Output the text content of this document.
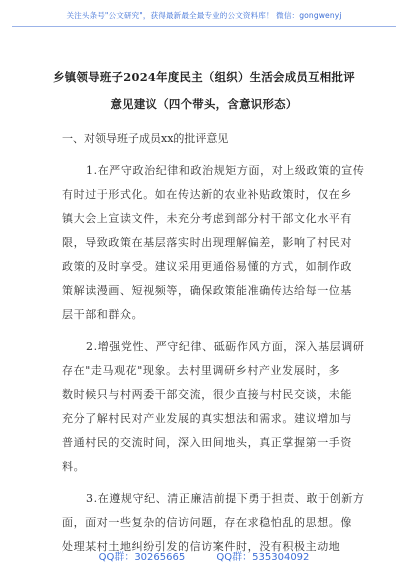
关注头条号"公文研究"，获得最新最全最专业的公文资料库！ 微信：gongwenyj
乡镇领导班子2024年度民主（组织）生活会成员互相批评
意见建议（四个带头，含意识形态）
一、对领导班子成员xx的批评意见
1.在严守政治纪律和政治规矩方面，对上级政策的宣传
有时过于形式化。如在传达新的农业补贴政策时，仅在乡
镇大会上宣读文件，未充分考虑到部分村干部文化水平有
限，导致政策在基层落实时出现理解偏差，影响了村民对
政策的及时享受。建议采用更通俗易懂的方式，如制作政
策解读漫画、短视频等，确保政策能准确传达给每一位基
层干部和群众。
2.增强党性、严守纪律、砥砺作风方面，深入基层调研
存在"走马观花"现象。去村里调研乡村产业发展时，多
数时候只与村两委干部交流，很少直接与村民交谈，未能
充分了解村民对产业发展的真实想法和需求。建议增加与
普通村民的交流时间，深入田间地头，真正掌握第一手资
料。
3.在遵规守纪、清正廉洁前提下勇于担责、敢于创新方
面，面对一些复杂的信访问题，存在求稳怕乱的思想。像
处理某村土地纠纷引发的信访案件时，没有积极主动地
QQ群：30265665	QQ群：535304092
